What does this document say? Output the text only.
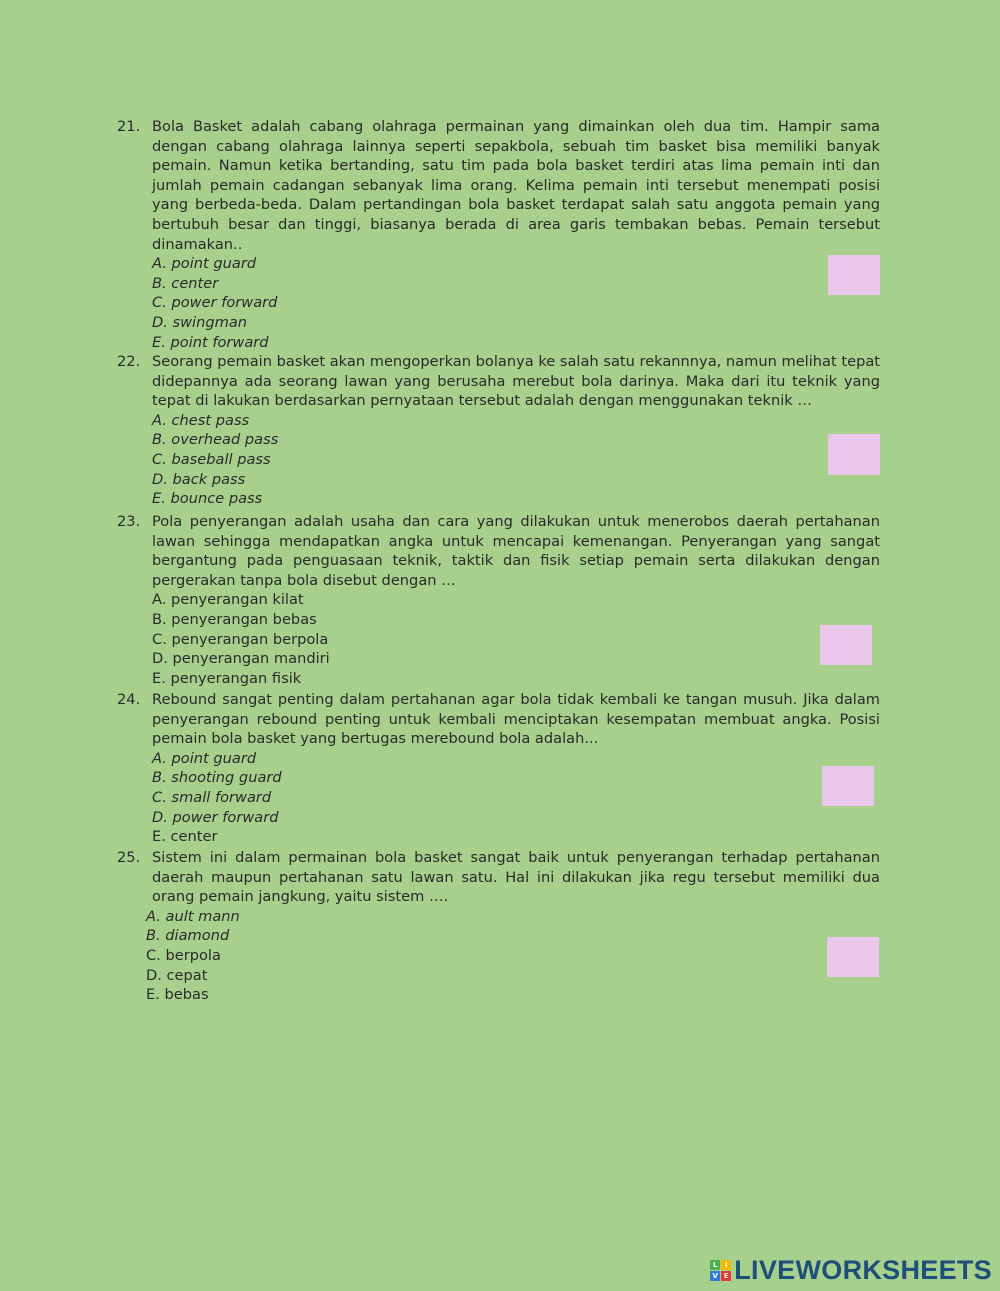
21. Bola Basket adalah cabang olahraga permainan yang dimainkan oleh dua tim. Hampir sama dengan cabang olahraga lainnya seperti sepakbola, sebuah tim basket bisa memiliki banyak pemain. Namun ketika bertanding, satu tim pada bola basket terdiri atas lima pemain inti dan jumlah pemain cadangan sebanyak lima orang. Kelima pemain inti tersebut menempati posisi yang berbeda-beda. Dalam pertandingan bola basket terdapat salah satu anggota pemain yang bertubuh besar dan tinggi, biasanya berada di area garis tembakan bebas. Pemain tersebut dinamakan..
A. point guard
B. center
C. power forward
D. swingman
E. point forward
22. Seorang pemain basket akan mengoperkan bolanya ke salah satu rekannnya, namun melihat tepat didepannya ada seorang lawan yang berusaha merebut bola darinya. Maka dari itu teknik yang tepat di lakukan berdasarkan pernyataan tersebut adalah dengan menggunakan teknik …
A. chest pass
B. overhead pass
C. baseball pass
D. back pass
E. bounce pass
23. Pola penyerangan adalah usaha dan cara yang dilakukan untuk menerobos daerah pertahanan lawan sehingga mendapatkan angka untuk mencapai kemenangan. Penyerangan yang sangat bergantung pada penguasaan teknik, taktik dan fisik setiap pemain serta dilakukan dengan pergerakan tanpa bola disebut dengan …
A. penyerangan kilat
B. penyerangan bebas
C. penyerangan berpola
D. penyerangan mandiri
E. penyerangan fisik
24. Rebound sangat penting dalam pertahanan agar bola tidak kembali ke tangan musuh. Jika dalam penyerangan rebound penting untuk kembali menciptakan kesempatan membuat angka. Posisi pemain bola basket yang bertugas merebound bola adalah...
A. point guard
B. shooting guard
C. small forward
D. power forward
E. center
25. Sistem ini dalam permainan bola basket sangat baik untuk penyerangan terhadap pertahanan daerah maupun pertahanan satu lawan satu. Hal ini dilakukan jika regu tersebut memiliki dua orang pemain jangkung, yaitu sistem ….
A. ault mann
B. diamond
C. berpola
D. cepat
E. bebas
L	I
V E LIVEWORKSHEETS
